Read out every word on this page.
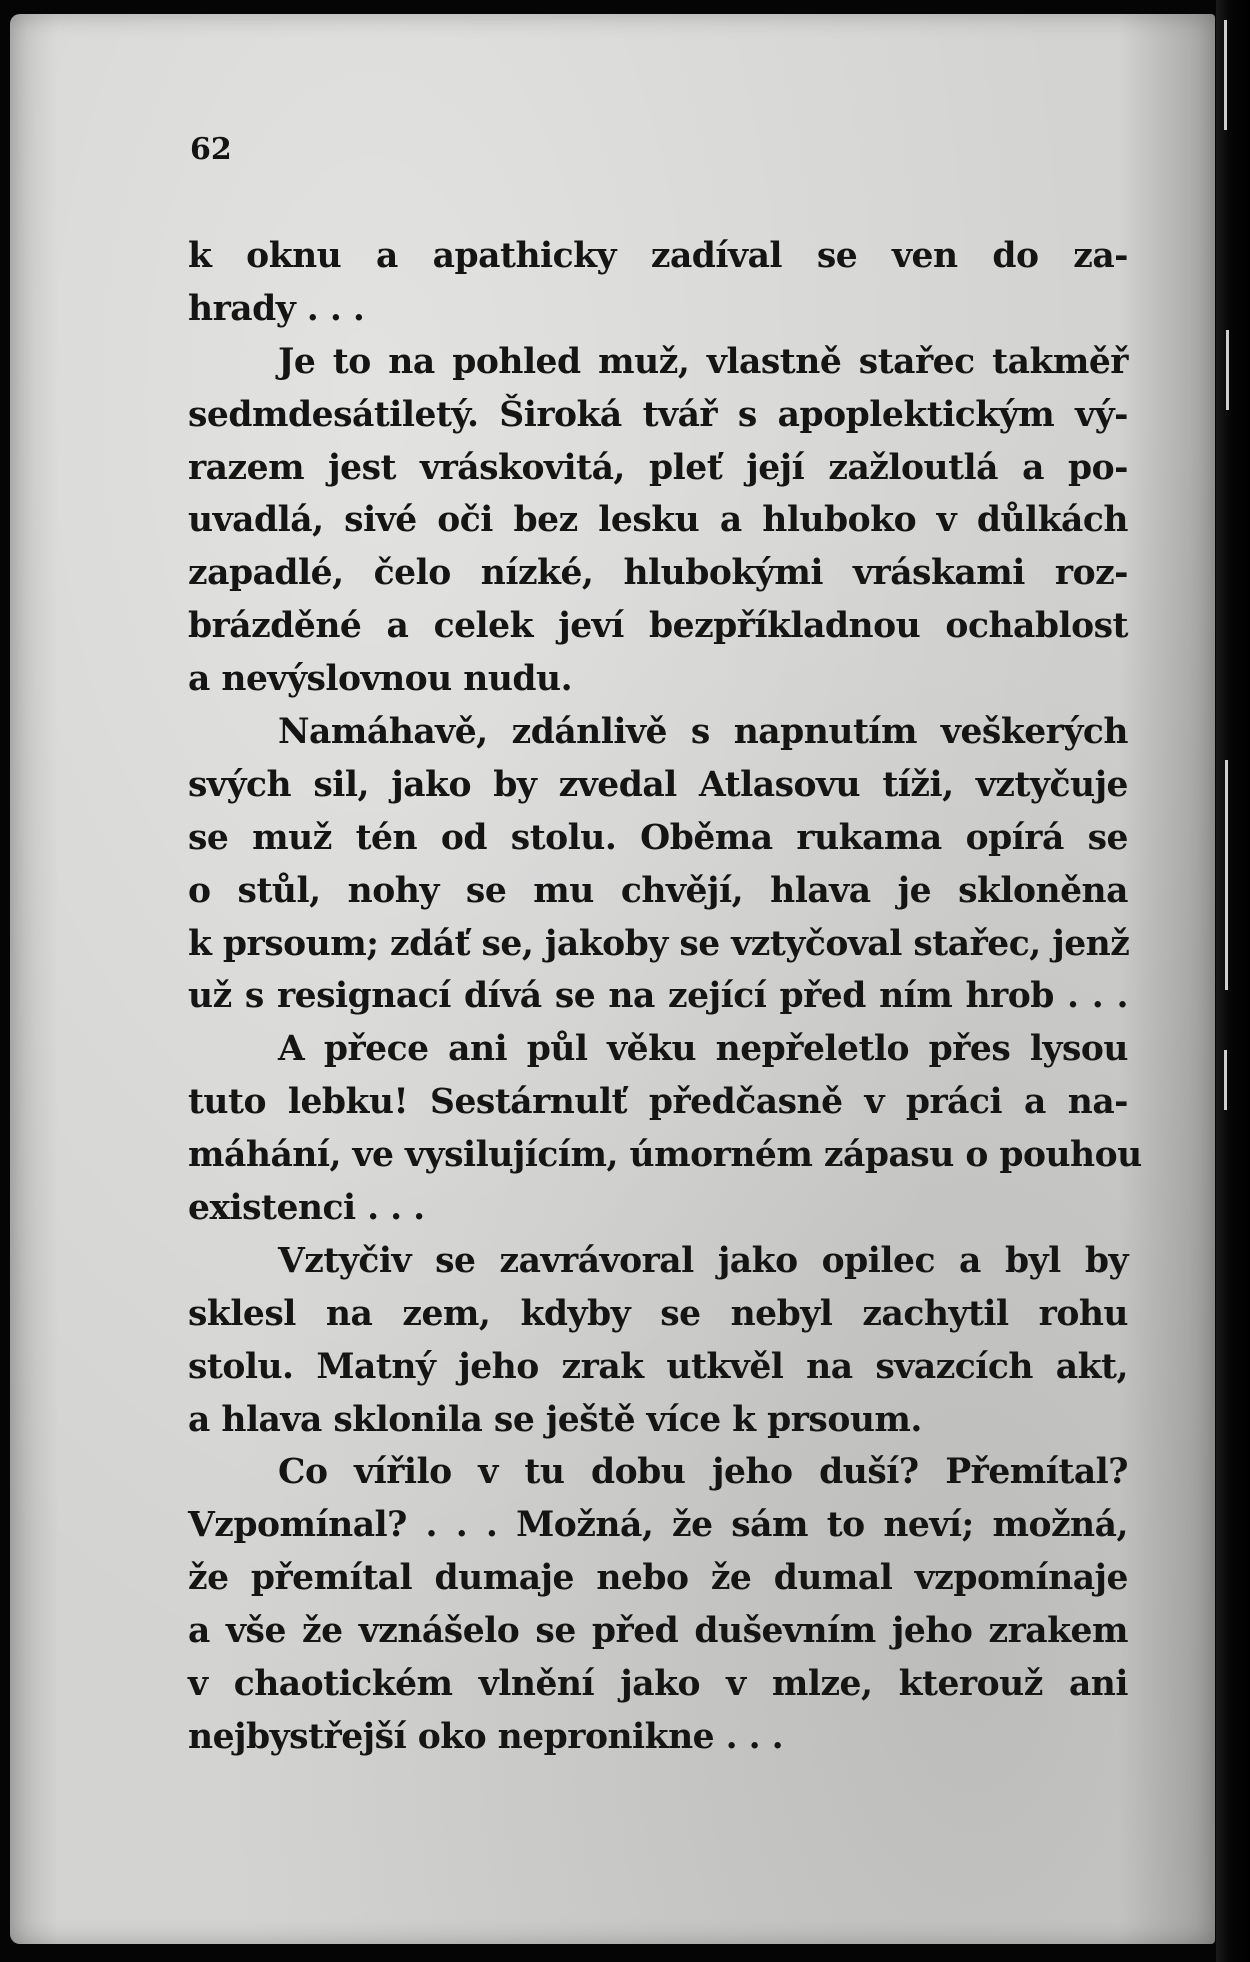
62
k oknu a apathicky zadíval se ven do za-
hrady . . .
Je to na pohled muž, vlastně stařec takměř
sedmdesátiletý. Široká tvář s apoplektickým vý-
razem jest vráskovitá, pleť její zažloutlá a po-
uvadlá, sivé oči bez lesku a hluboko v důlkách
zapadlé, čelo nízké, hlubokými vráskami roz-
brázděné a celek jeví bezpříkladnou ochablost
a nevýslovnou nudu.
Namáhavě, zdánlivě s napnutím veškerých
svých sil, jako by zvedal Atlasovu tíži, vztyčuje
se muž tén od stolu. Oběma rukama opírá se
o stůl, nohy se mu chvějí, hlava je skloněna
k prsoum; zdáť se, jakoby se vztyčoval stařec, jenž
už s resignací dívá se na zející před ním hrob . . .
A přece ani půl věku nepřeletlo přes lysou
tuto lebku! Sestárnulť předčasně v práci a na-
máhání, ve vysilujícím, úmorném zápasu o pouhou
existenci . . .
Vztyčiv se zavrávoral jako opilec a byl by
sklesl na zem, kdyby se nebyl zachytil rohu
stolu. Matný jeho zrak utkvěl na svazcích akt,
a hlava sklonila se ještě více k prsoum.
Co vířilo v tu dobu jeho duší? Přemítal?
Vzpomínal? . . . Možná, že sám to neví; možná,
že přemítal dumaje nebo že dumal vzpomínaje
a vše že vznášelo se před duševním jeho zrakem
v chaotickém vlnění jako v mlze, kterouž ani
nejbystřejší oko nepronikne . . .
